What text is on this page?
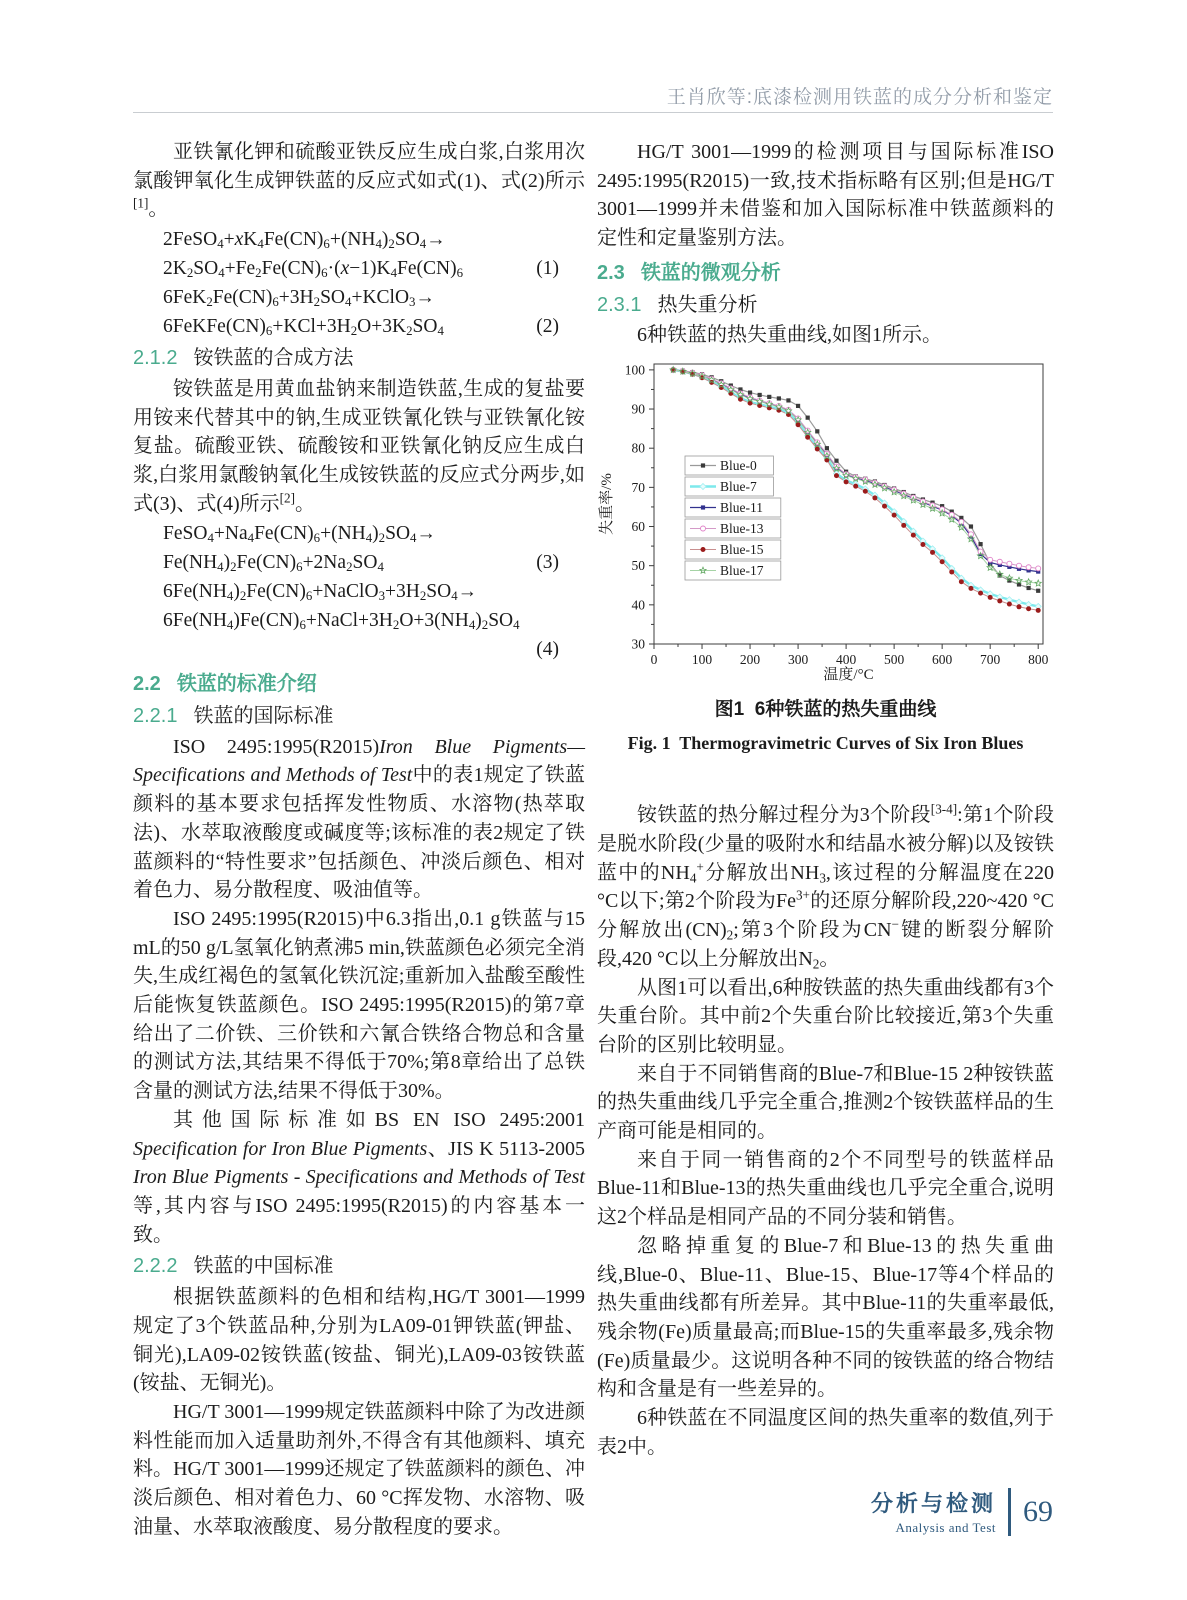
王肖欣等:底漆检测用铁蓝的成分分析和鉴定

亚铁氰化钾和硫酸亚铁反应生成白浆,白浆用次氯酸钾氧化生成钾铁蓝的反应式如式(1)、式(2)所示[1]。

$2FeSO_4+xK_4Fe(CN)_6+(NH_4)_2SO_4\to$
$2K_2SO_4+Fe_2Fe(CN)_6\cdot(x-1)K_4Fe(CN)_6$	(1)
$6FeK_2Fe(CN)_6+3H_2SO_4+KClO_3\to$
$6FeKFe(CN)_6+KCl+3H_2O+3K_2SO_4$	(2)

2.1.2 铵铁蓝的合成方法

铵铁蓝是用黄血盐钠来制造铁蓝,生成的复盐要用铵来代替其中的钠,生成亚铁氰化铁与亚铁氰化铵复盐。硫酸亚铁、硫酸铵和亚铁氰化钠反应生成白浆,白浆用氯酸钠氧化生成铵铁蓝的反应式分两步,如式(3)、式(4)所示[2]。

$FeSO_4+Na_4Fe(CN)_6+(NH_4)_2SO_4\to$
$Fe(NH_4)_2Fe(CN)_6+2Na_2SO_4$	(3)
$6Fe(NH_4)_2Fe(CN)_6+NaClO_3+3H_2SO_4\to$
$6Fe(NH_4)Fe(CN)_6+NaCl+3H_2O+3(NH_4)_2SO_4$
(4)

2.2 铁蓝的标准介绍

2.2.1 铁蓝的国际标准

ISO 2495:1995(R2015)Iron Blue Pigments—Specifications and Methods of Test中的表1规定了铁蓝颜料的基本要求包括挥发性物质、水溶物(热萃取法)、水萃取液酸度或碱度等;该标准的表2规定了铁蓝颜料的“特性要求”包括颜色、冲淡后颜色、相对着色力、易分散程度、吸油值等。

ISO 2495:1995(R2015)中6.3指出,0.1 g铁蓝与15 mL的50 g/L氢氧化钠煮沸5 min,铁蓝颜色必须完全消失,生成红褐色的氢氧化铁沉淀;重新加入盐酸至酸性后能恢复铁蓝颜色。ISO 2495:1995(R2015)的第7章给出了二价铁、三价铁和六氰合铁络合物总和含量的测试方法,其结果不得低于70%;第8章给出了总铁含量的测试方法,结果不得低于30%。

其他国际标准如BS EN ISO 2495:2001 Specification for Iron Blue Pigments、JIS K 5113-2005 Iron Blue Pigments - Specifications and Methods of Test等,其内容与ISO 2495:1995(R2015)的内容基本一致。

2.2.2 铁蓝的中国标准

根据铁蓝颜料的色相和结构,HG/T 3001—1999规定了3个铁蓝品种,分别为LA09-01钾铁蓝(钾盐、铜光),LA09-02铵铁蓝(铵盐、铜光),LA09-03铵铁蓝(铵盐、无铜光)。

HG/T 3001—1999规定铁蓝颜料中除了为改进颜料性能而加入适量助剂外,不得含有其他颜料、填充料。HG/T 3001—1999还规定了铁蓝颜料的颜色、冲淡后颜色、相对着色力、60 °C挥发物、水溶物、吸油量、水萃取液酸度、易分散程度的要求。

HG/T 3001—1999的检测项目与国际标准ISO 2495:1995(R2015)一致,技术指标略有区别;但是HG/T 3001—1999并未借鉴和加入国际标准中铁蓝颜料的定性和定量鉴别方法。

2.3 铁蓝的微观分析

2.3.1 热失重分析

6种铁蓝的热失重曲线,如图1所示。

0	100 200 300 400 500 600 700 800
30
40
50
60
70
80
90
100
温度/°C
失重率/%
Blue-0
Blue-7
Blue-11
Blue-13
Blue-15
Blue-17
图1  6种铁蓝的热失重曲线
Fig. 1  Thermogravimetric Curves of Six Iron Blues

铵铁蓝的热分解过程分为3个阶段[3-4]:第1个阶段是脱水阶段(少量的吸附水和结晶水被分解)以及铵铁蓝中的$NH_4^+$分解放出$NH_3$,该过程的分解温度在220 °C以下;第2个阶段为$Fe^{3+}$的还原分解阶段,220~420 °C分解放出$(CN)_2$;第3个阶段为CN−键的断裂分解阶段,420 °C以上分解放出$N_2$。

从图1可以看出,6种胺铁蓝的热失重曲线都有3个失重台阶。其中前2个失重台阶比较接近,第3个失重台阶的区别比较明显。

来自于不同销售商的Blue-7和Blue-15 2种铵铁蓝的热失重曲线几乎完全重合,推测2个铵铁蓝样品的生产商可能是相同的。

来自于同一销售商的2个不同型号的铁蓝样品Blue-11和Blue-13的热失重曲线也几乎完全重合,说明这2个样品是相同产品的不同分装和销售。

忽略掉重复的Blue-7和Blue-13的热失重曲线,Blue-0、Blue-11、Blue-15、Blue-17等4个样品的热失重曲线都有所差异。其中Blue-11的失重率最低,残余物(Fe)质量最高;而Blue-15的失重率最多,残余物(Fe)质量最少。这说明各种不同的铵铁蓝的络合物结构和含量是有一些差异的。

6种铁蓝在不同温度区间的热失重率的数值,列于表2中。

分析与检测
Analysis and Test 69
